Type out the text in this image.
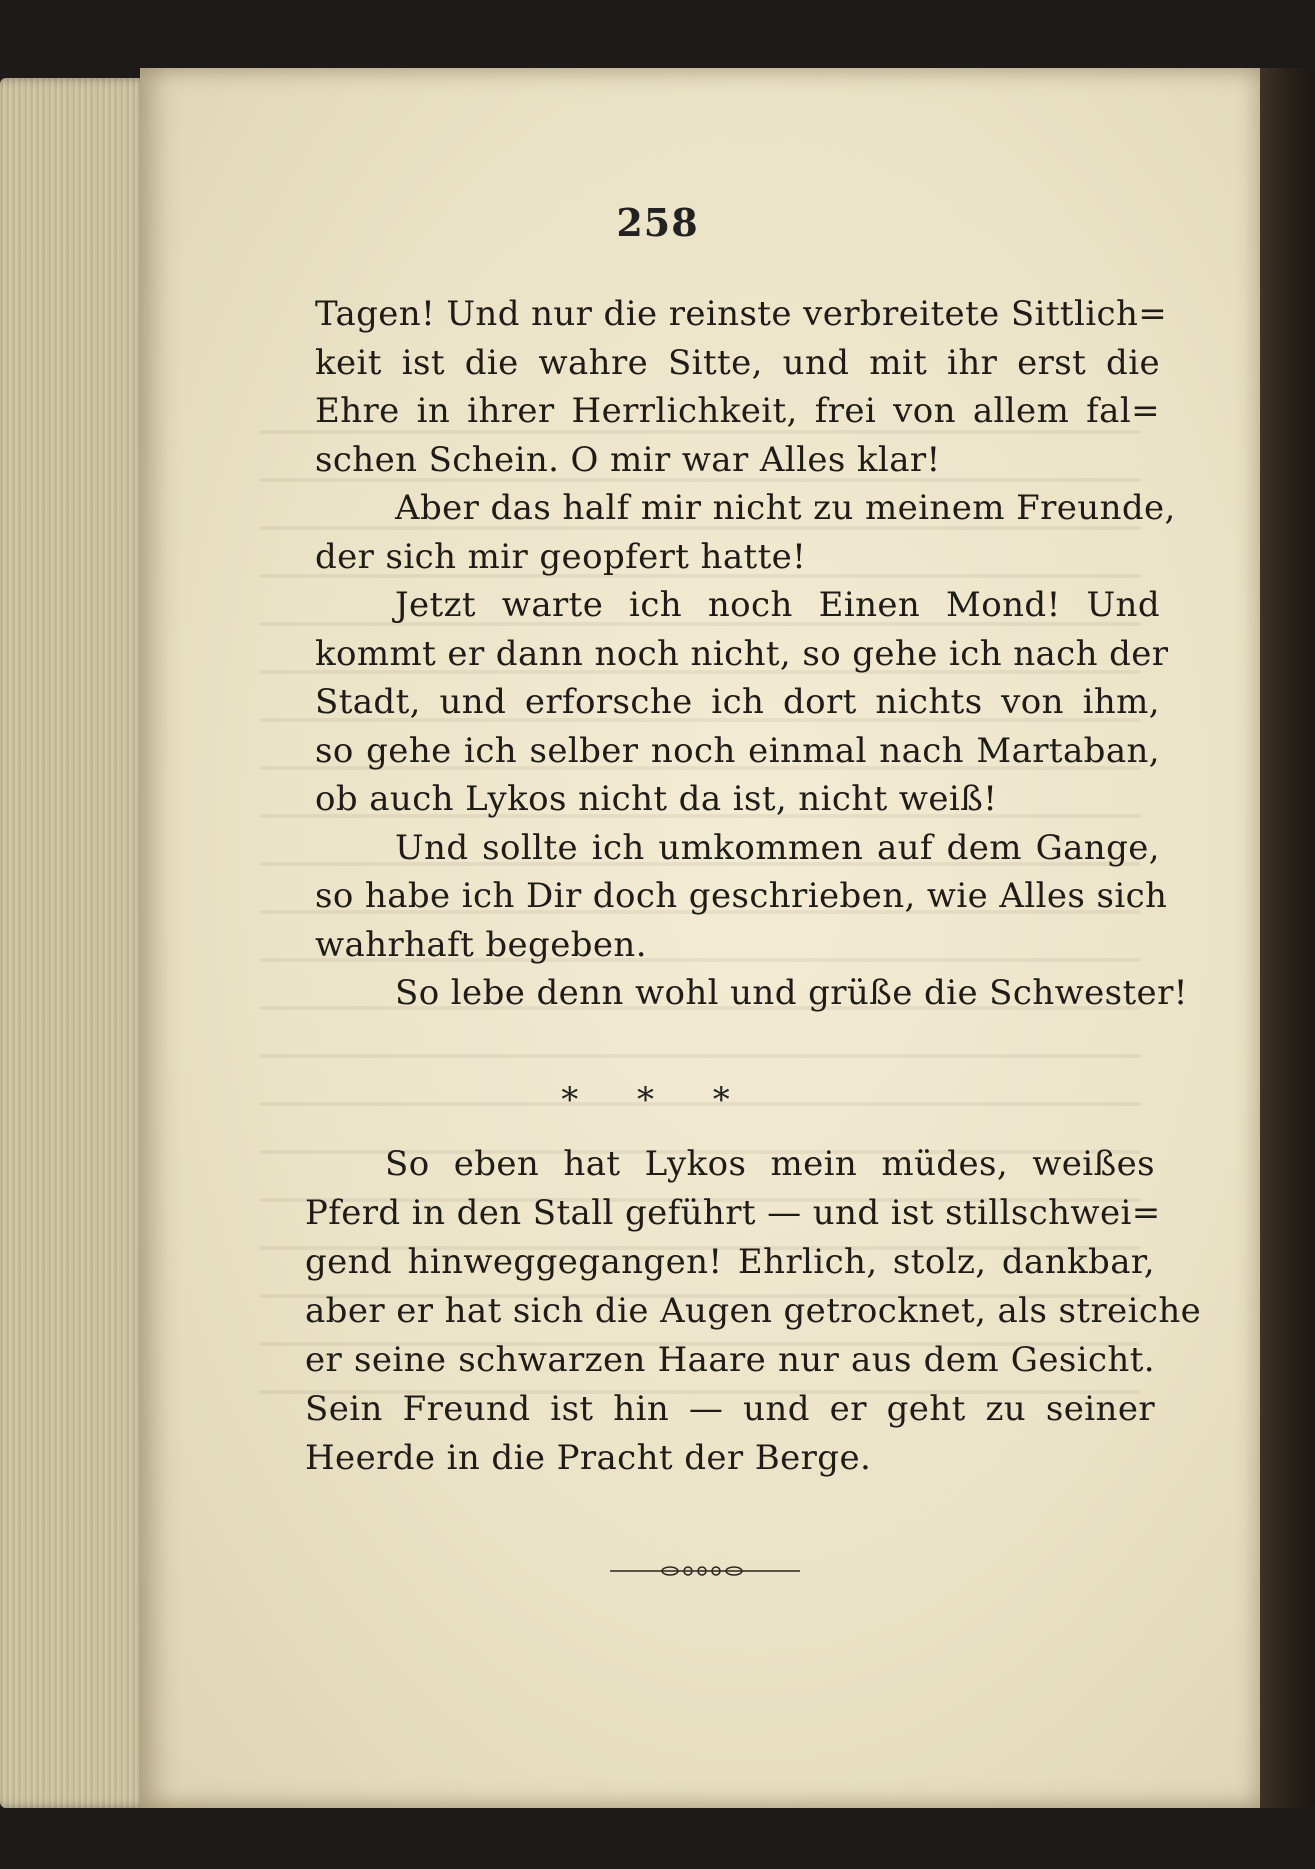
258
Tagen! Und nur die reinste verbreitete Sittlich=
keit ist die wahre Sitte, und mit ihr erst die
Ehre in ihrer Herrlichkeit, frei von allem fal=
schen Schein. O mir war Alles klar!
Aber das half mir nicht zu meinem Freunde,
der sich mir geopfert hatte!
Jetzt warte ich noch Einen Mond! Und
kommt er dann noch nicht, so gehe ich nach der
Stadt, und erforsche ich dort nichts von ihm,
so gehe ich selber noch einmal nach Martaban,
ob auch Lykos nicht da ist, nicht weiß!
Und sollte ich umkommen auf dem Gange,
so habe ich Dir doch geschrieben, wie Alles sich
wahrhaft begeben.
So lebe denn wohl und grüße die Schwester!
* * *
So eben hat Lykos mein müdes, weißes
Pferd in den Stall geführt — und ist stillschwei=
gend hinweggegangen! Ehrlich, stolz, dankbar,
aber er hat sich die Augen getrocknet, als streiche
er seine schwarzen Haare nur aus dem Gesicht.
Sein Freund ist hin — und er geht zu seiner
Heerde in die Pracht der Berge.
